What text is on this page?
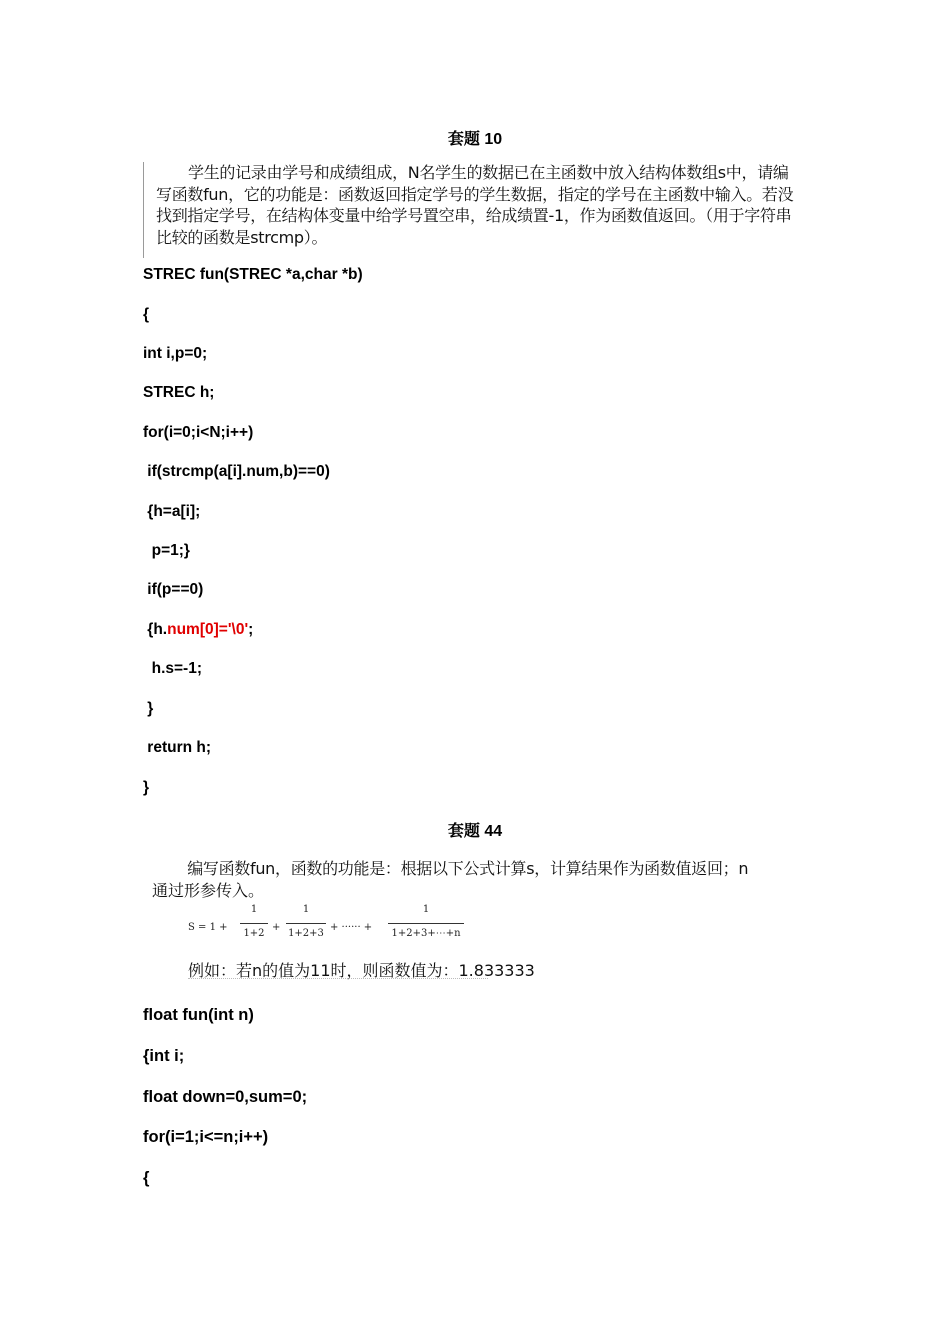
套题 10

学生的记录由学号和成绩组成，N名学生的数据已在主函数中放入结构体数组s中，请编写函数fun，它的功能是：函数返回指定学号的学生数据，指定的学号在主函数中输入。若没找到指定学号，在结构体变量中给学号置空串，给成绩置-1，作为函数值返回。（用于字符串比较的函数是strcmp）。

STREC fun(STREC *a,char *b)
{
int i,p=0;
STREC h;
for(i=0;i<N;i++)
if(strcmp(a[i].num,b)==0)
{h=a[i];
p=1;}
if(p==0)
{h.num[0]='\0';
h.s=-1;
}
return h;
}
套题 44

编写函数fun，函数的功能是：根据以下公式计算s，计算结果作为函数值返回；n

通过形参传入。
S = 1 +
1
1+2
+
1
1+2+3
+ ······ +
1
1+2+3+⋯+n
例如：若n的值为11时，则函数值为：1.833333
float fun(int n)
{int i;
float down=0,sum=0;
for(i=1;i<=n;i++)
{
